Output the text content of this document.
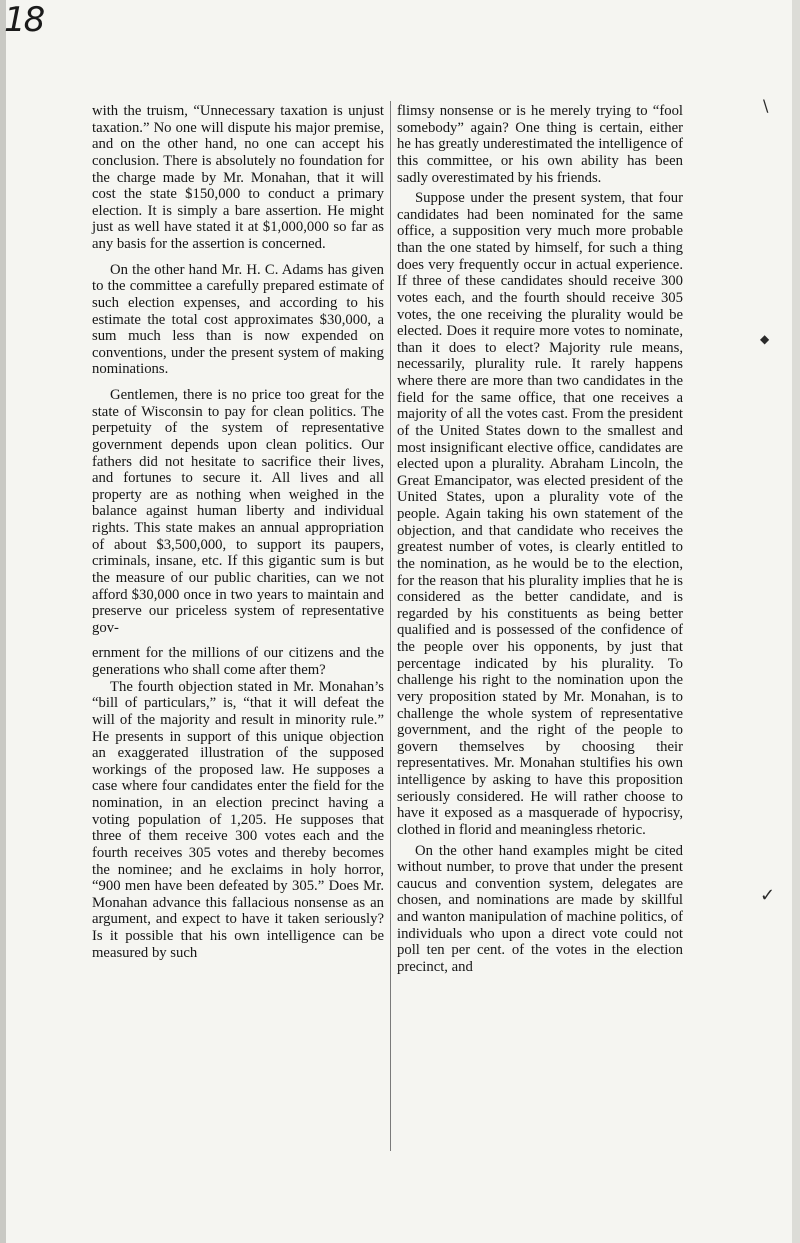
18
\
◆
✓

with the truism, “Unnecessary taxation is unjust taxation.” No one will dispute his major premise, and on the other hand, no one can accept his conclusion. There is absolutely no foundation for the charge made by Mr. Monahan, that it will cost the state $150,000 to conduct a primary election. It is simply a bare assertion. He might just as well have stated it at $1,000,000 so far as any basis for the assertion is concerned.

On the other hand Mr. H. C. Adams has given to the committee a carefully prepared estimate of such election expenses, and according to his estimate the total cost approximates $30,000, a sum much less than is now expended on conventions, under the present system of making nominations.

Gentlemen, there is no price too great for the state of Wisconsin to pay for clean politics. The perpetuity of the system of representative government depends upon clean politics. Our fathers did not hesitate to sacrifice their lives, and fortunes to secure it. All lives and all property are as nothing when weighed in the balance against human liberty and individual rights. This state makes an annual appropriation of about $3,500,000, to support its paupers, criminals, insane, etc. If this gigantic sum is but the measure of our public charities, can we not afford $30,000 once in two years to maintain and preserve our priceless system of representative gov-

ernment for the millions of our citizens and the generations who shall come after them?

The fourth objection stated in Mr. Monahan’s “bill of particulars,” is, “that it will defeat the will of the majority and result in minority rule.” He presents in support of this unique objection an exaggerated illustration of the supposed workings of the proposed law. He supposes a case where four candidates enter the field for the nomination, in an election precinct having a voting population of 1,205. He supposes that three of them receive 300 votes each and the fourth receives 305 votes and thereby becomes the nominee; and he exclaims in holy horror, “900 men have been defeated by 305.” Does Mr. Monahan advance this fallacious nonsense as an argument, and expect to have it taken seriously? Is it possible that his own intelligence can be measured by such

flimsy nonsense or is he merely trying to “fool somebody” again? One thing is certain, either he has greatly underestimated the intelligence of this committee, or his own ability has been sadly overestimated by his friends.

Suppose under the present system, that four candidates had been nominated for the same office, a supposition very much more probable than the one stated by himself, for such a thing does very frequently occur in actual experience. If three of these candidates should receive 300 votes each, and the fourth should receive 305 votes, the one receiving the plurality would be elected. Does it require more votes to nominate, than it does to elect? Majority rule means, necessarily, plurality rule. It rarely happens where there are more than two candidates in the field for the same office, that one receives a majority of all the votes cast. From the president of the United States down to the smallest and most insignificant elective office, candidates are elected upon a plurality. Abraham Lincoln, the Great Emancipator, was elected president of the United States, upon a plurality vote of the people. Again taking his own statement of the objection, and that candidate who receives the greatest number of votes, is clearly entitled to the nomination, as he would be to the election, for the reason that his plurality implies that he is considered as the better candidate, and is regarded by his constituents as being better qualified and is possessed of the confidence of the people over his opponents, by just that percentage indicated by his plurality. To challenge his right to the nomination upon the very proposition stated by Mr. Monahan, is to challenge the whole system of representative government, and the right of the people to govern themselves by choosing their representatives. Mr. Monahan stultifies his own intelligence by asking to have this proposition seriously considered. He will rather choose to have it exposed as a masquerade of hypocrisy, clothed in florid and meaningless rhetoric.

On the other hand examples might be cited without number, to prove that under the present caucus and convention system, delegates are chosen, and nominations are made by skillful and wanton manipulation of machine politics, of individuals who upon a direct vote could not poll ten per cent. of the votes in the election precinct, and
